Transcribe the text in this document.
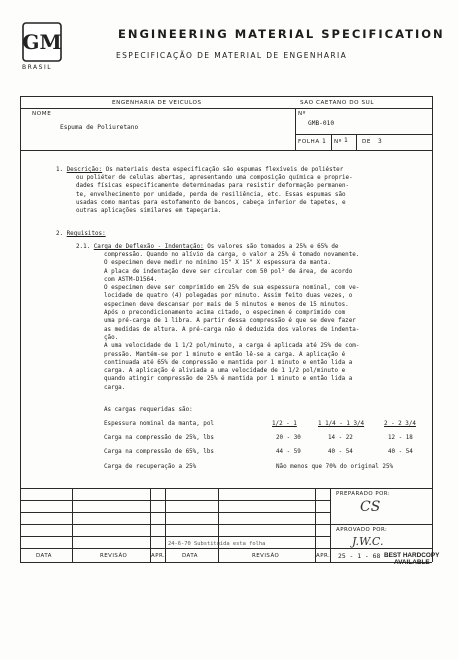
GM
BRASIL
ENGINEERING MATERIAL SPECIFICATION
ESPECIFICAÇÃO DE MATERIAL DE ENGENHARIA
ENGENHARIA DE VEICULOS	SAO CAETANO DO SUL
NOME	Nº
Espuma de Poliuretano
GMB-010
FOLHA 1 Nº 1	DE 3
1. Descrição: Os materiais desta especificação são espumas flexíveis de poliéster
ou poliéter de celulas abertas, apresentando uma composição química e proprie-
dades físicas especificamente determinadas para resistir deformação permanen-
te, envelhecimento por umidade, perda de resiliência, etc. Essas espumas são
usadas como mantas para estofamento de bancos, cabeça inferior de tapetes, e
outras aplicações similares em tapeçaria.
2. Requisitos:
2.1. Carga de Deflexão - Indentação: Os valores são tomados a 25% e 65% de
compressão. Quando no alívio da carga, o valor a 25% é tomado novamente.
O especimen deve medir no mínimo 15" X 15" X espessura da manta.
A placa de indentação deve ser circular com 50 pol² de área, de acordo
com ASTM-D1564.
O especimen deve ser comprimido em 25% de sua espessura nominal, com ve-
locidade de quatro (4) polegadas por minuto. Assim feito duas vezes, o
especimen deve descansar por mais de 5 minutos e menos de 15 minutos.
Após o precondicionamento acima citado, o especimen é comprimido com
uma pré-carga de 1 libra. A partir dessa compressão é que se deve fazer
as medidas de altura. A pré-carga não é deduzida dos valores de indenta-
ção.
A uma velocidade de 1 1/2 pol/minuto, a carga é aplicada até 25% de com-
pressão. Mantém-se por 1 minuto e então lê-se a carga. A aplicação é
continuada até 65% de compressão e mantida por 1 minuto e então lida a
carga. A aplicação é aliviada a uma velocidade de 1 1/2 pol/minuto e
quando atingir compressão de 25% é mantida por 1 minuto e então lida a
carga.
As cargas requeridas são:
Espessura nominal da manta, pol	1/2 - 1	1 1/4 - 1 3/4	2 - 2 3/4
Carga na compressão de 25%, lbs	20 - 30	14 - 22	12 - 18
Carga na compressão de 65%, lbs	44 - 59	40 - 54	40 - 54
Carga de recuperação a 25%	Não menos que 70% do original 25%
PREPARADO POR:
CS
APROVADO POR:
J.W.C.
DATA	REVISÃO	APR.	DATA	REVISÃO	APR.
24-6-70 Substituída esta folha
25 - 1 - 68 BEST HARDCOPY
AVAILABLE
